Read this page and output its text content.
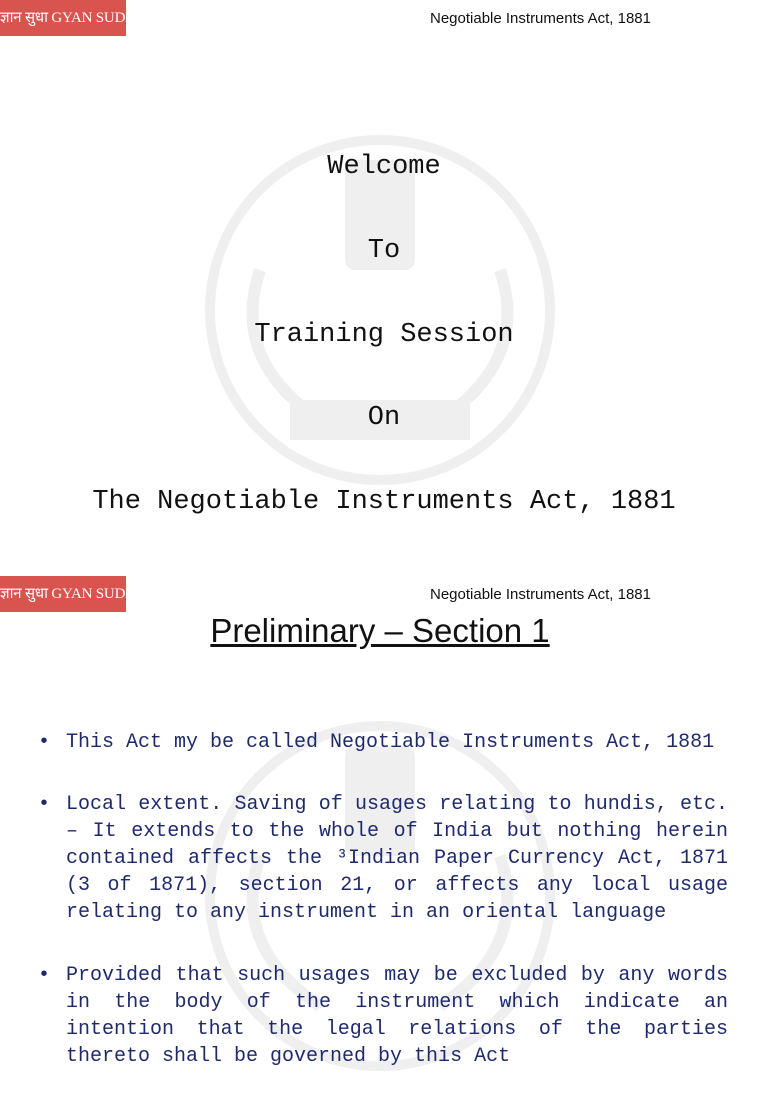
ज्ञान सुधा GYAN SUDHA	Negotiable Instruments Act, 1881
Welcome
To
Training Session
On
The Negotiable Instruments Act, 1881
ज्ञान सुधा GYAN SUDHA	Negotiable Instruments Act, 1881
Preliminary – Section 1
• This Act my be called Negotiable Instruments Act, 1881
• Local extent. Saving of usages relating to hundis, etc. – It extends to the whole of India but nothing herein contained affects the ³Indian Paper Currency Act, 1871 (3 of 1871), section 21, or affects any local usage relating to any instrument in an oriental language
• Provided that such usages may be excluded by any words in the body of the instrument which indicate an intention that the legal relations of the parties thereto shall be governed by this Act
